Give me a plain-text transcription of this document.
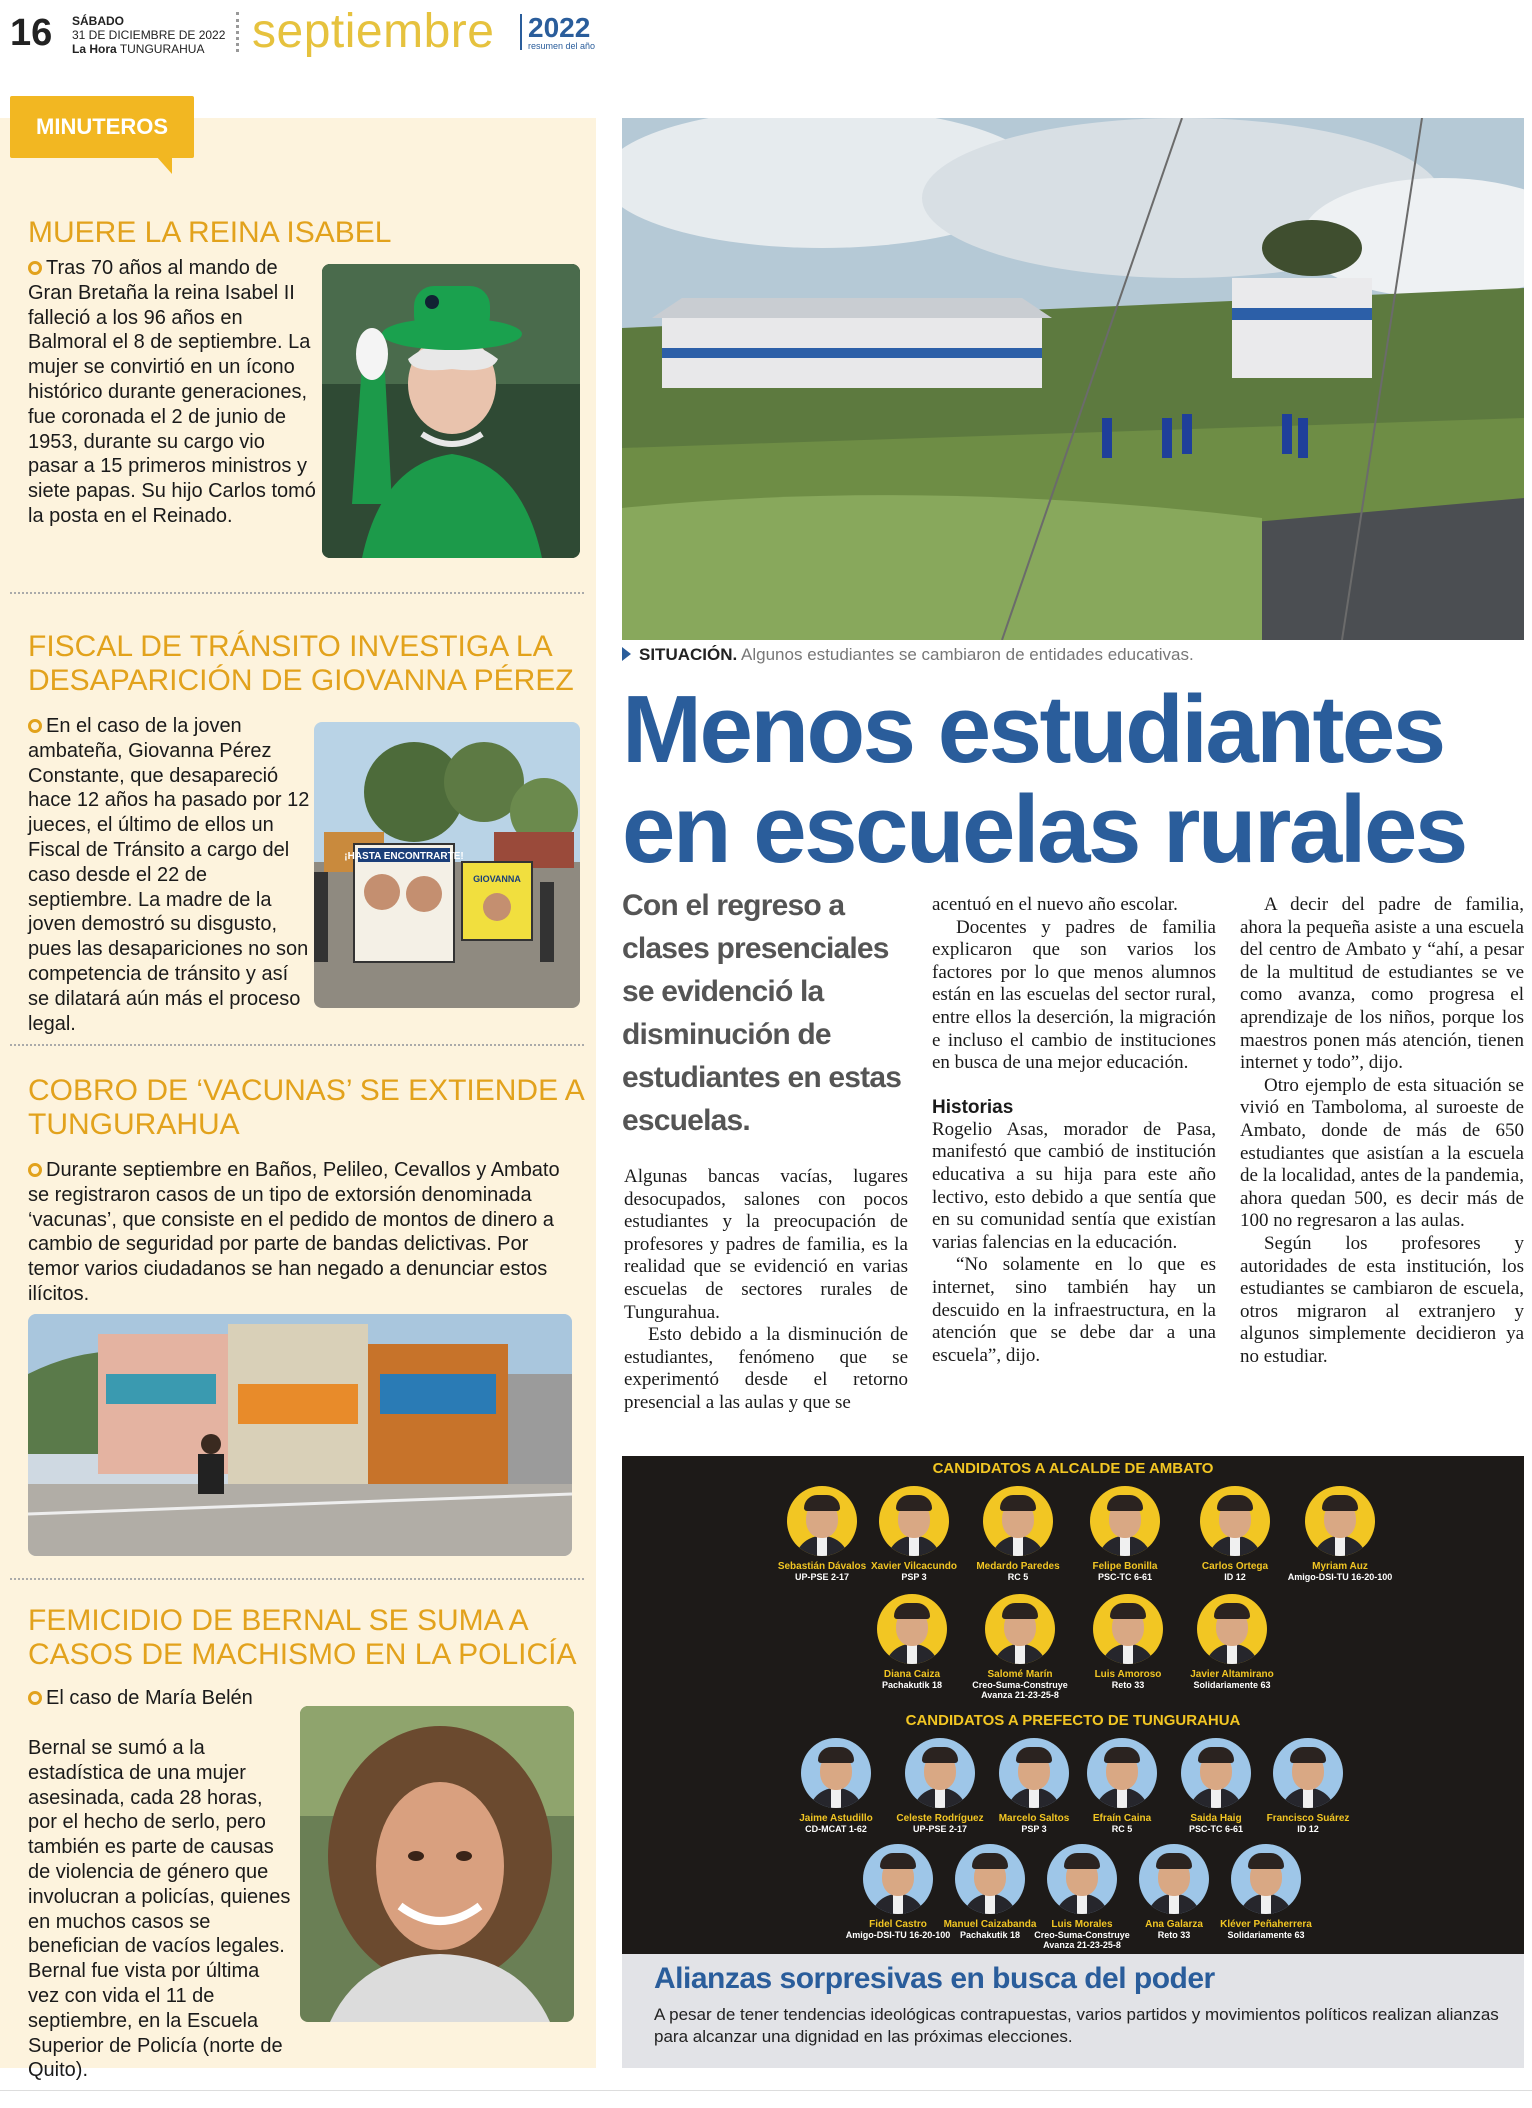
16 SÁBADO
31 DE DICIEMBRE DE 2022
La Hora TUNGURAHUA septiembre 2022
resumen del año
MINUTEROS
MUERE LA REINA ISABEL
Tras 70 años al mando de Gran Bretaña la reina Isabel II falleció a los 96 años en Balmoral el 8 de septiembre. La mujer se convirtió en un ícono histórico durante generaciones, fue coronada el 2 de junio de 1953, durante su cargo vio pasar a 15 primeros ministros y siete papas. Su hijo Carlos tomó la posta en el Reinado.
FISCAL DE TRÁNSITO INVESTIGA LA DESAPARICIÓN DE GIOVANNA PÉREZ
En el caso de la joven ambateña, Giovanna Pérez Constante, que desapareció hace 12 años ha pasado por 12 jueces, el último de ellos un Fiscal de Tránsito a cargo del caso desde el 22 de septiembre. La madre de la joven demostró su disgusto, pues las desapariciones no son competencia de tránsito y así se dilatará aún más el proceso legal.
¡HASTA ENCONTRARTE!
GIOVANNA
COBRO DE ‘VACUNAS’ SE EXTIENDE A TUNGURAHUA
Durante septiembre en Baños, Pelileo, Cevallos y Ambato se registraron casos de un tipo de extorsión denominada ‘vacunas’, que consiste en el pedido de montos de dinero a cambio de seguridad por parte de bandas delictivas. Por temor varios ciudadanos se han negado a denunciar estos ilícitos.
FEMICIDIO DE BERNAL SE SUMA A CASOS DE MACHISMO EN LA POLICÍA
El caso de María Belén
Bernal se sumó a la estadística de una mujer asesinada, cada 28 horas, por el hecho de serlo, pero también es parte de causas de violencia de género que involucran a policías, quienes en muchos casos se benefician de vacíos legales. Bernal fue vista por última vez con vida el 11 de septiembre, en la Escuela Superior de Policía (norte de Quito).
SITUACIÓN. Algunos estudiantes se cambiaron de entidades educativas.
Menos estudiantes en escuelas rurales
Con el regreso a clases presenciales se evidenció la disminución de estudiantes en estas escuelas.

Algunas bancas vacías, lugares desocupados, salones con pocos estudiantes y la preocupación de profesores y padres de familia, es la realidad que se evidenció en varias escuelas de sectores rurales de Tungurahua.

Esto debido a la disminución de estudiantes, fenómeno que se experimentó desde el retorno presencial a las aulas y que se

acentuó en el nuevo año escolar.

Docentes y padres de familia explicaron que son varios los factores por lo que menos alumnos están en las escuelas del sector rural, entre ellos la deserción, la migración e incluso el cambio de instituciones en busca de una mejor educación.

Historias

Rogelio Asas, morador de Pasa, manifestó que cambió de institución educativa a su hija para este año lectivo, esto debido a que sentía que en su comunidad sentía que existían varias falencias en la educación.

“No solamente en lo que es internet, sino también hay un descuido en la infraestructura, en la atención que se debe dar a una escuela”, dijo.

A decir del padre de familia, ahora la pequeña asiste a una escuela del centro de Ambato y “ahí, a pesar de la multitud de estudiantes se ve como avanza, como progresa el aprendizaje de los niños, porque los maestros ponen más atención, tienen internet y todo”, dijo.

Otro ejemplo de esta situación se vivió en Tamboloma, al suroeste de Ambato, donde de más de 650 estudiantes que asistían a la escuela de la localidad, antes de la pandemia, ahora quedan 500, es decir más de 100 no regresaron a las aulas.

Según los profesores y autoridades de esta institución, los estudiantes se cambiaron de escuela, otros migraron al extranjero y algunos simplemente decidieron ya no estudiar.

CANDIDATOS A ALCALDE DE AMBATO
CANDIDATOS A PREFECTO DE TUNGURAHUA
Sebastián Dávalos
UP-PSE 2-17
Xavier Vilcacundo
PSP 3
Medardo Paredes
RC 5
Felipe Bonilla
PSC-TC 6-61
Carlos Ortega
ID 12
Myriam Auz
Amigo-DSI-TU 16-20-100
Diana Caiza
Pachakutik 18
Salomé Marín
Creo-Suma-Construye Avanza 21-23-25-8
Luis Amoroso
Reto 33
Javier Altamirano
Solidariamente 63
Jaime Astudillo
CD-MCAT 1-62
Celeste Rodríguez
UP-PSE 2-17
Marcelo Saltos
PSP 3
Efraín Caina
RC 5
Saida Haig
PSC-TC 6-61
Francisco Suárez
ID 12
Fidel Castro
Amigo-DSI-TU 16-20-100
Manuel Caizabanda
Pachakutik 18
Luis Morales
Creo-Suma-Construye Avanza 21-23-25-8
Ana Galarza
Reto 33
Kléver Peñaherrera
Solidariamente 63
Alianzas sorpresivas en busca del poder
A pesar de tener tendencias ideológicas contrapuestas, varios partidos y movimientos políticos realizan alianzas para alcanzar una dignidad en las próximas elecciones.
